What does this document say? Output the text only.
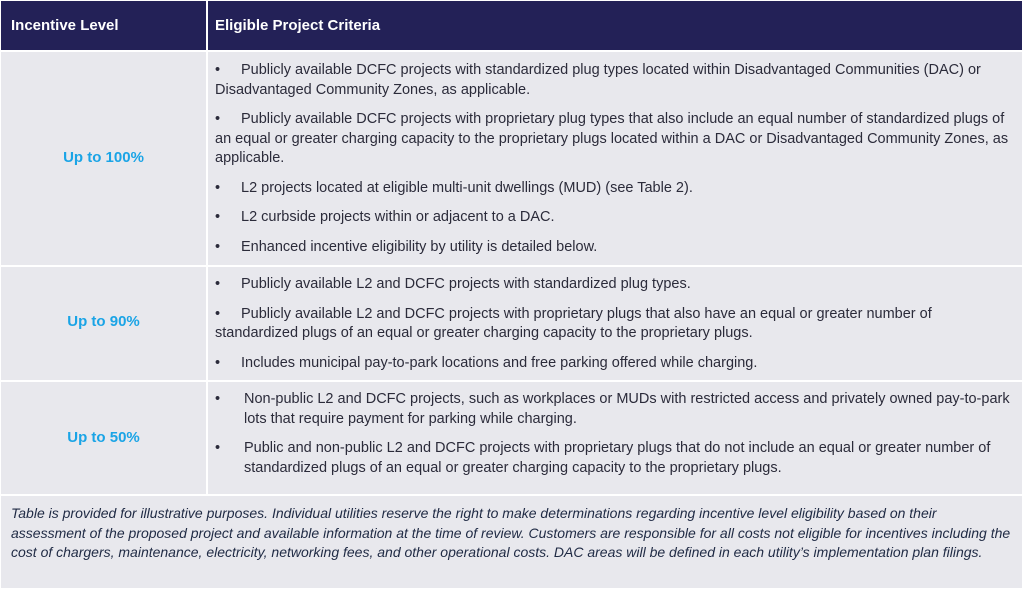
Incentive Level	Eligible Project Criteria
Up to 100%
• Publicly available DCFC projects with standardized plug types located within Disadvantaged Communities (DAC) or Disadvantaged Community Zones, as applicable.
• Publicly available DCFC projects with proprietary plug types that also include an equal number of standardized plugs of an equal or greater charging capacity to the proprietary plugs located within a DAC or Disadvantaged Community Zones, as applicable.
• L2 projects located at eligible multi-unit dwellings (MUD) (see Table 2).
• L2 curbside projects within or adjacent to a DAC.
• Enhanced incentive eligibility by utility is detailed below.
Up to 90%
• Publicly available L2 and DCFC projects with standardized plug types.
• Publicly available L2 and DCFC projects with proprietary plugs that also have an equal or greater number of standardized plugs of an equal or greater charging capacity to the proprietary plugs.
• Includes municipal pay-to-park locations and free parking offered while charging.
Up to 50%
• Non-public L2 and DCFC projects, such as workplaces or MUDs with restricted access and privately owned pay-to-park lots that require payment for parking while charging.
• Public and non-public L2 and DCFC projects with proprietary plugs that do not include an equal or greater number of standardized plugs of an equal or greater charging capacity to the proprietary plugs.
Table is provided for illustrative purposes. Individual utilities reserve the right to make determinations regarding incentive level eligibility based on their assessment of the proposed project and available information at the time of review. Customers are responsible for all costs not eligible for incentives including the cost of chargers, maintenance, electricity, networking fees, and other operational costs. DAC areas will be defined in each utility’s implementation plan filings.
